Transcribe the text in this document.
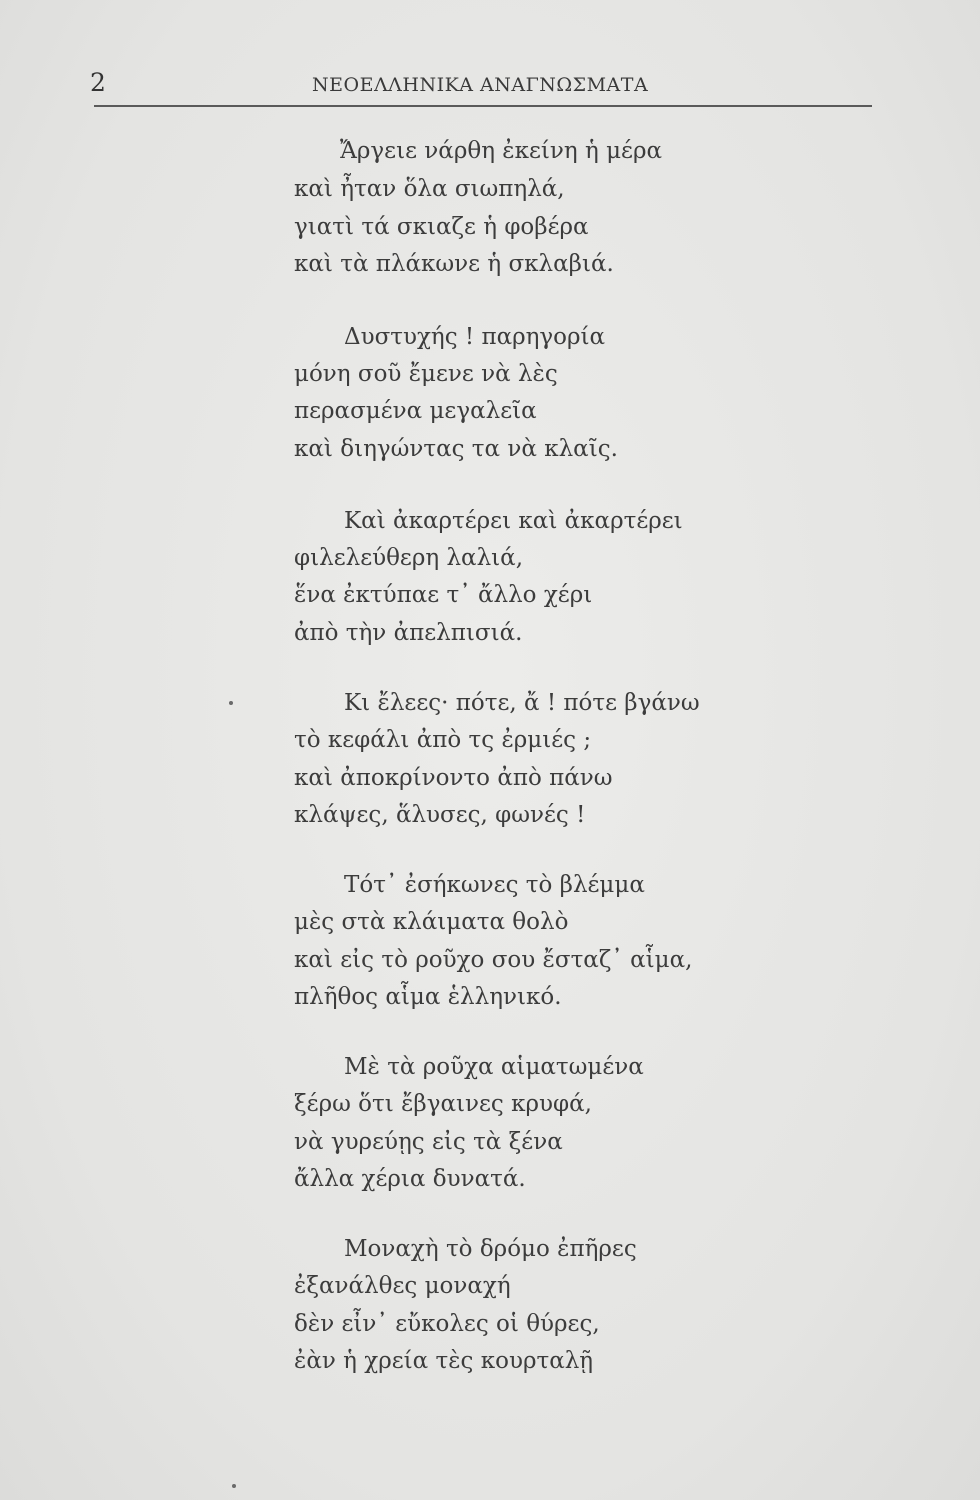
2	ΝΕΟΕΛΛΗΝΙΚΑ ΑΝΑΓΝΩΣΜΑΤΑ
Ἄργειε νάρθη ἐκείνη ἡ μέρα
καὶ ἦταν ὅλα σιωπηλά,
γιατὶ τά σκιαζε ἡ φοβέρα
καὶ τὰ πλάκωνε ἡ σκλαβιά.
Δυστυχής ! παρηγορία
μόνη σοῦ ἔμενε νὰ λὲς
περασμένα μεγαλεῖα
καὶ διηγώντας τα νὰ κλαῖς.
Καὶ ἀκαρτέρει καὶ ἀκαρτέρει
φιλελεύθερη λαλιά,
ἕνα ἐκτύπαε τ᾽ ἄλλο χέρι
ἀπὸ τὴν ἀπελπισιά.
Κι ἔλεες· πότε, ἄ ! πότε βγάνω
τὸ κεφάλι ἀπὸ τς ἐρμιές ;
καὶ ἀποκρίνοντο ἀπὸ πάνω
κλάψες, ἅλυσες, φωνές !
Τότ᾽ ἐσήκωνες τὸ βλέμμα
μὲς στὰ κλάιματα θολὸ
καὶ εἰς τὸ ροῦχο σου ἔσταζ᾽ αἷμα,
πλῆθος αἷμα ἑλληνικό.
Μὲ τὰ ροῦχα αἱματωμένα
ξέρω ὅτι ἔβγαινες κρυφά,
νὰ γυρεύῃς εἰς τὰ ξένα
ἄλλα χέρια δυνατά.
Μοναχὴ τὸ δρόμο ἐπῆρες
ἐξανάλθες μοναχή
δὲν εἶν᾽ εὔκολες οἱ θύρες,
ἐὰν ἡ χρεία τὲς κουρταλῇ
